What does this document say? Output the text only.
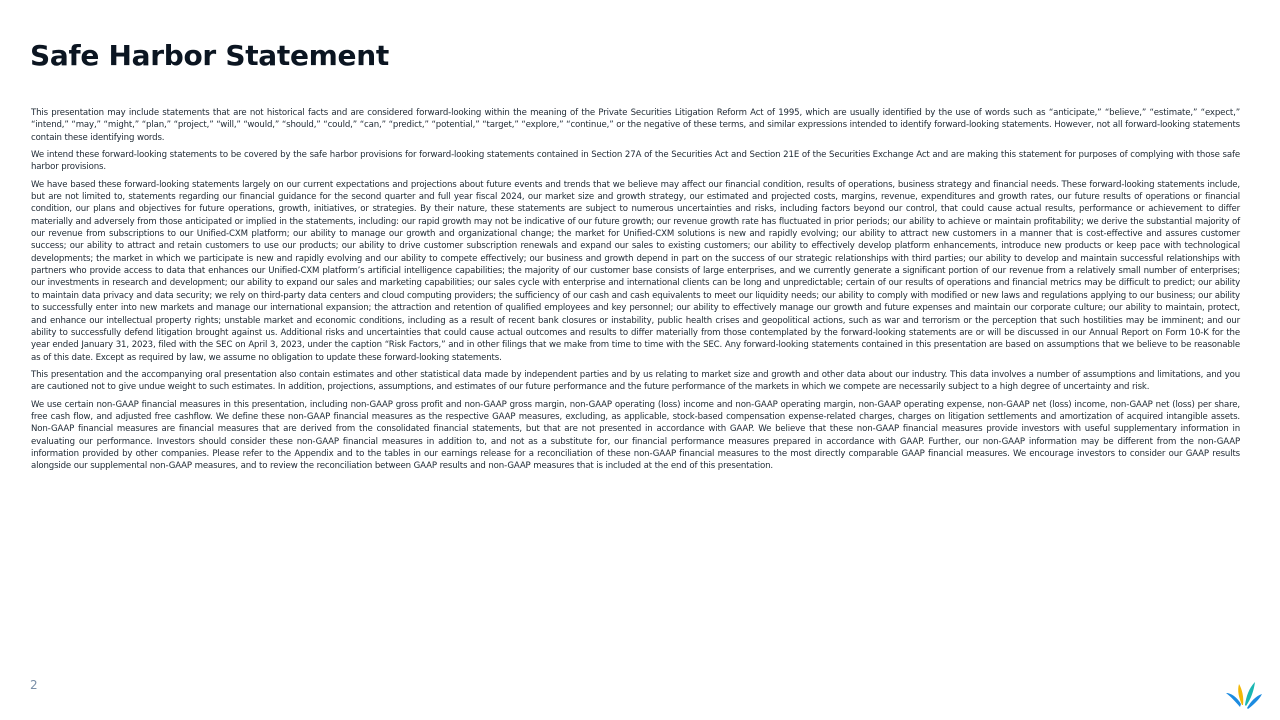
Safe Harbor Statement

This presentation may include statements that are not historical facts and are considered forward-looking within the meaning of the Private Securities Litigation Reform Act of 1995, which are usually identified by the use of words such as “anticipate,” “believe,” “estimate,” “expect,” “intend,” “may,” “might,” “plan,” “project,” “will,” “would,” “should,” “could,” “can,” “predict,” “potential,” “target,” “explore,” “continue,” or the negative of these terms, and similar expressions intended to identify forward-looking statements. However, not all forward-looking statements contain these identifying words.

We intend these forward-looking statements to be covered by the safe harbor provisions for forward-looking statements contained in Section 27A of the Securities Act and Section 21E of the Securities Exchange Act and are making this statement for purposes of complying with those safe harbor provisions.

We have based these forward-looking statements largely on our current expectations and projections about future events and trends that we believe may affect our financial condition, results of operations, business strategy and financial needs. These forward-looking statements include, but are not limited to, statements regarding our financial guidance for the second quarter and full year fiscal 2024, our market size and growth strategy, our estimated and projected costs, margins, revenue, expenditures and growth rates, our future results of operations or financial condition, our plans and objectives for future operations, growth, initiatives, or strategies. By their nature, these statements are subject to numerous uncertainties and risks, including factors beyond our control, that could cause actual results, performance or achievement to differ materially and adversely from those anticipated or implied in the statements, including: our rapid growth may not be indicative of our future growth; our revenue growth rate has fluctuated in prior periods; our ability to achieve or maintain profitability; we derive the substantial majority of our revenue from subscriptions to our Unified-CXM platform; our ability to manage our growth and organizational change; the market for Unified-CXM solutions is new and rapidly evolving; our ability to attract new customers in a manner that is cost-effective and assures customer success; our ability to attract and retain customers to use our products; our ability to drive customer subscription renewals and expand our sales to existing customers; our ability to effectively develop platform enhancements, introduce new products or keep pace with technological developments; the market in which we participate is new and rapidly evolving and our ability to compete effectively; our business and growth depend in part on the success of our strategic relationships with third parties; our ability to develop and maintain successful relationships with partners who provide access to data that enhances our Unified-CXM platform’s artificial intelligence capabilities; the majority of our customer base consists of large enterprises, and we currently generate a significant portion of our revenue from a relatively small number of enterprises; our investments in research and development; our ability to expand our sales and marketing capabilities; our sales cycle with enterprise and international clients can be long and unpredictable; certain of our results of operations and financial metrics may be difficult to predict; our ability to maintain data privacy and data security; we rely on third-party data centers and cloud computing providers; the sufficiency of our cash and cash equivalents to meet our liquidity needs; our ability to comply with modified or new laws and regulations applying to our business; our ability to successfully enter into new markets and manage our international expansion; the attraction and retention of qualified employees and key personnel; our ability to effectively manage our growth and future expenses and maintain our corporate culture; our ability to maintain, protect, and enhance our intellectual property rights; unstable market and economic conditions, including as a result of recent bank closures or instability, public health crises and geopolitical actions, such as war and terrorism or the perception that such hostilities may be imminent; and our ability to successfully defend litigation brought against us. Additional risks and uncertainties that could cause actual outcomes and results to differ materially from those contemplated by the forward-looking statements are or will be discussed in our Annual Report on Form 10-K for the year ended January 31, 2023, filed with the SEC on April 3, 2023, under the caption “Risk Factors,” and in other filings that we make from time to time with the SEC. Any forward-looking statements contained in this presentation are based on assumptions that we believe to be reasonable as of this date. Except as required by law, we assume no obligation to update these forward-looking statements.

This presentation and the accompanying oral presentation also contain estimates and other statistical data made by independent parties and by us relating to market size and growth and other data about our industry. This data involves a number of assumptions and limitations, and you are cautioned not to give undue weight to such estimates. In addition, projections, assumptions, and estimates of our future performance and the future performance of the markets in which we compete are necessarily subject to a high degree of uncertainty and risk.

We use certain non-GAAP financial measures in this presentation, including non-GAAP gross profit and non-GAAP gross margin, non-GAAP operating (loss) income and non-GAAP operating margin, non-GAAP operating expense, non-GAAP net (loss) income, non-GAAP net (loss) per share, free cash flow, and adjusted free cashflow. We define these non-GAAP financial measures as the respective GAAP measures, excluding, as applicable, stock-based compensation expense-related charges, charges on litigation settlements and amortization of acquired intangible assets. Non-GAAP financial measures are financial measures that are derived from the consolidated financial statements, but that are not presented in accordance with GAAP. We believe that these non-GAAP financial measures provide investors with useful supplementary information in evaluating our performance. Investors should consider these non-GAAP financial measures in addition to, and not as a substitute for, our financial performance measures prepared in accordance with GAAP. Further, our non-GAAP information may be different from the non-GAAP information provided by other companies. Please refer to the Appendix and to the tables in our earnings release for a reconciliation of these non-GAAP financial measures to the most directly comparable GAAP financial measures. We encourage investors to consider our GAAP results alongside our supplemental non-GAAP measures, and to review the reconciliation between GAAP results and non-GAAP measures that is included at the end of this presentation.

2
